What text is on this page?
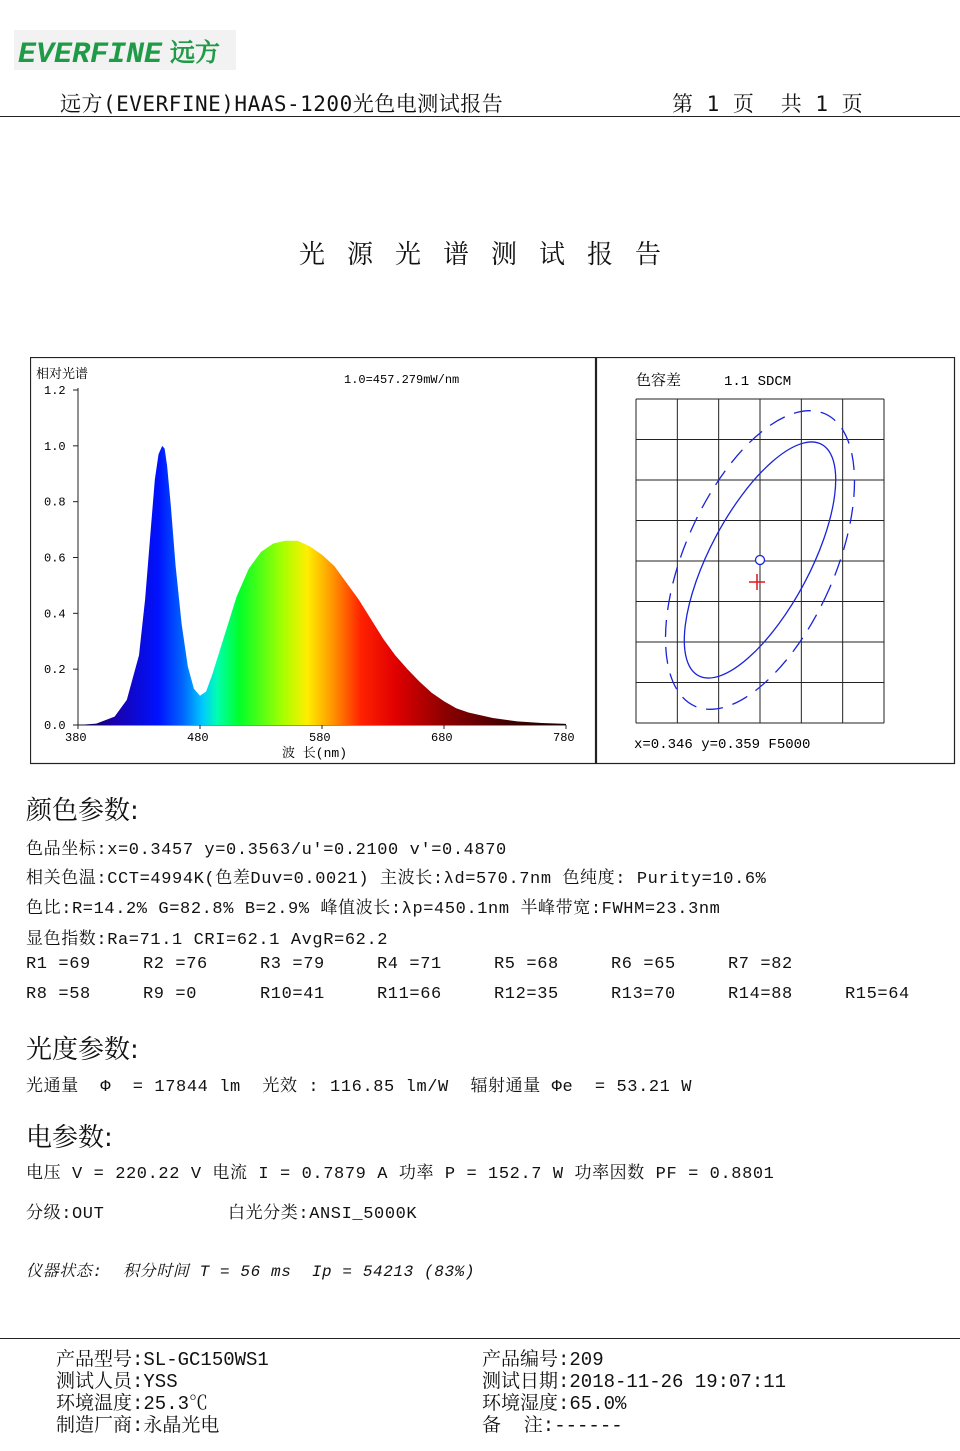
EVERFINE 远方
远方(EVERFINE)HAAS-1200光色电测试报告	第 1 页  共 1 页
光源光谱测试报告
相对光谱	1.0=457.279mW/nm
0.0
0.2
0.4
0.6
0.8
1.0
1.2
380	480	580	680	780
波 长(nm)
色容差	1.1 SDCM
x=0.346 y=0.359 F5000
颜色参数:
色品坐标:x=0.3457 y=0.3563/u'=0.2100 v'=0.4870
相关色温:CCT=4994K(色差Duv=0.0021) 主波长:λd=570.7nm 色纯度: Purity=10.6%
色比:R=14.2% G=82.8% B=2.9% 峰值波长:λp=450.1nm 半峰带宽:FWHM=23.3nm
显色指数:Ra=71.1 CRI=62.1 AvgR=62.2
R1 =69	R2 =76	R3 =79	R4 =71	R5 =68	R6 =65	R7 =82
R8 =58	R9 =0	R10=41	R11=66	R12=35	R13=70	R14=88	R15=64
光度参数:
光通量  Φ  = 17844 lm  光效 : 116.85 lm/W  辐射通量 Φe  = 53.21 W
电参数:
电压 V = 220.22 V 电流 I = 0.7879 A 功率 P = 152.7 W 功率因数 PF = 0.8801
分级:OUT	白光分类:ANSI_5000K
仪器状态:  积分时间 T = 56 ms  Ip = 54213 (83%)
产品型号:SL-GC150WS1	产品编号:209
测试人员:YSS	测试日期:2018-11-26 19:07:11
环境温度:25.3℃	环境湿度:65.0%
制造厂商:永晶光电	备  注:------
